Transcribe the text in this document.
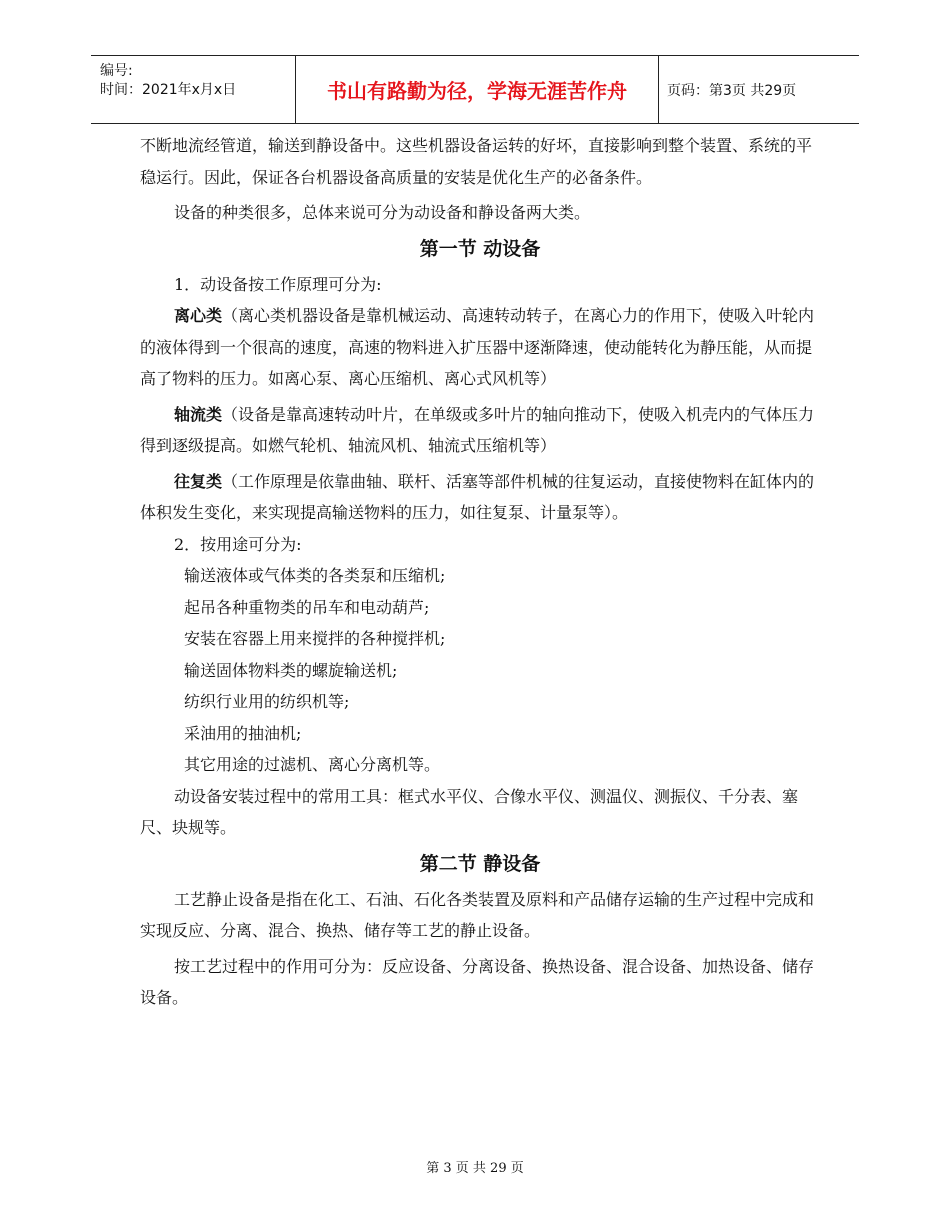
编号:
时间：2021年x月x日	书山有路勤为径，学海无涯苦作舟	页码：第3页 共29页

不断地流经管道，输送到静设备中。这些机器设备运转的好坏，直接影响到整个装置、系统的平稳运行。因此，保证各台机器设备高质量的安装是优化生产的必备条件。

设备的种类很多，总体来说可分为动设备和静设备两大类。

第一节 动设备

1．动设备按工作原理可分为:

离心类（离心类机器设备是靠机械运动、高速转动转子，在离心力的作用下，使吸入叶轮内的液体得到一个很高的速度，高速的物料进入扩压器中逐渐降速，使动能转化为静压能，从而提高了物料的压力。如离心泵、离心压缩机、离心式风机等）

轴流类（设备是靠高速转动叶片，在单级或多叶片的轴向推动下，使吸入机壳内的气体压力得到逐级提高。如燃气轮机、轴流风机、轴流式压缩机等）

往复类（工作原理是依靠曲轴、联杆、活塞等部件机械的往复运动，直接使物料在缸体内的体积发生变化，来实现提高输送物料的压力，如往复泵、计量泵等）。

2．按用途可分为:

输送液体或气体类的各类泵和压缩机;

起吊各种重物类的吊车和电动葫芦;

安装在容器上用来搅拌的各种搅拌机;

输送固体物料类的螺旋输送机;

纺织行业用的纺织机等;

采油用的抽油机;

其它用途的过滤机、离心分离机等。

动设备安装过程中的常用工具：框式水平仪、合像水平仪、测温仪、测振仪、千分表、塞尺、块规等。

第二节 静设备

工艺静止设备是指在化工、石油、石化各类装置及原料和产品储存运输的生产过程中完成和实现反应、分离、混合、换热、储存等工艺的静止设备。

按工艺过程中的作用可分为：反应设备、分离设备、换热设备、混合设备、加热设备、储存设备。

第 3 页 共 29 页
